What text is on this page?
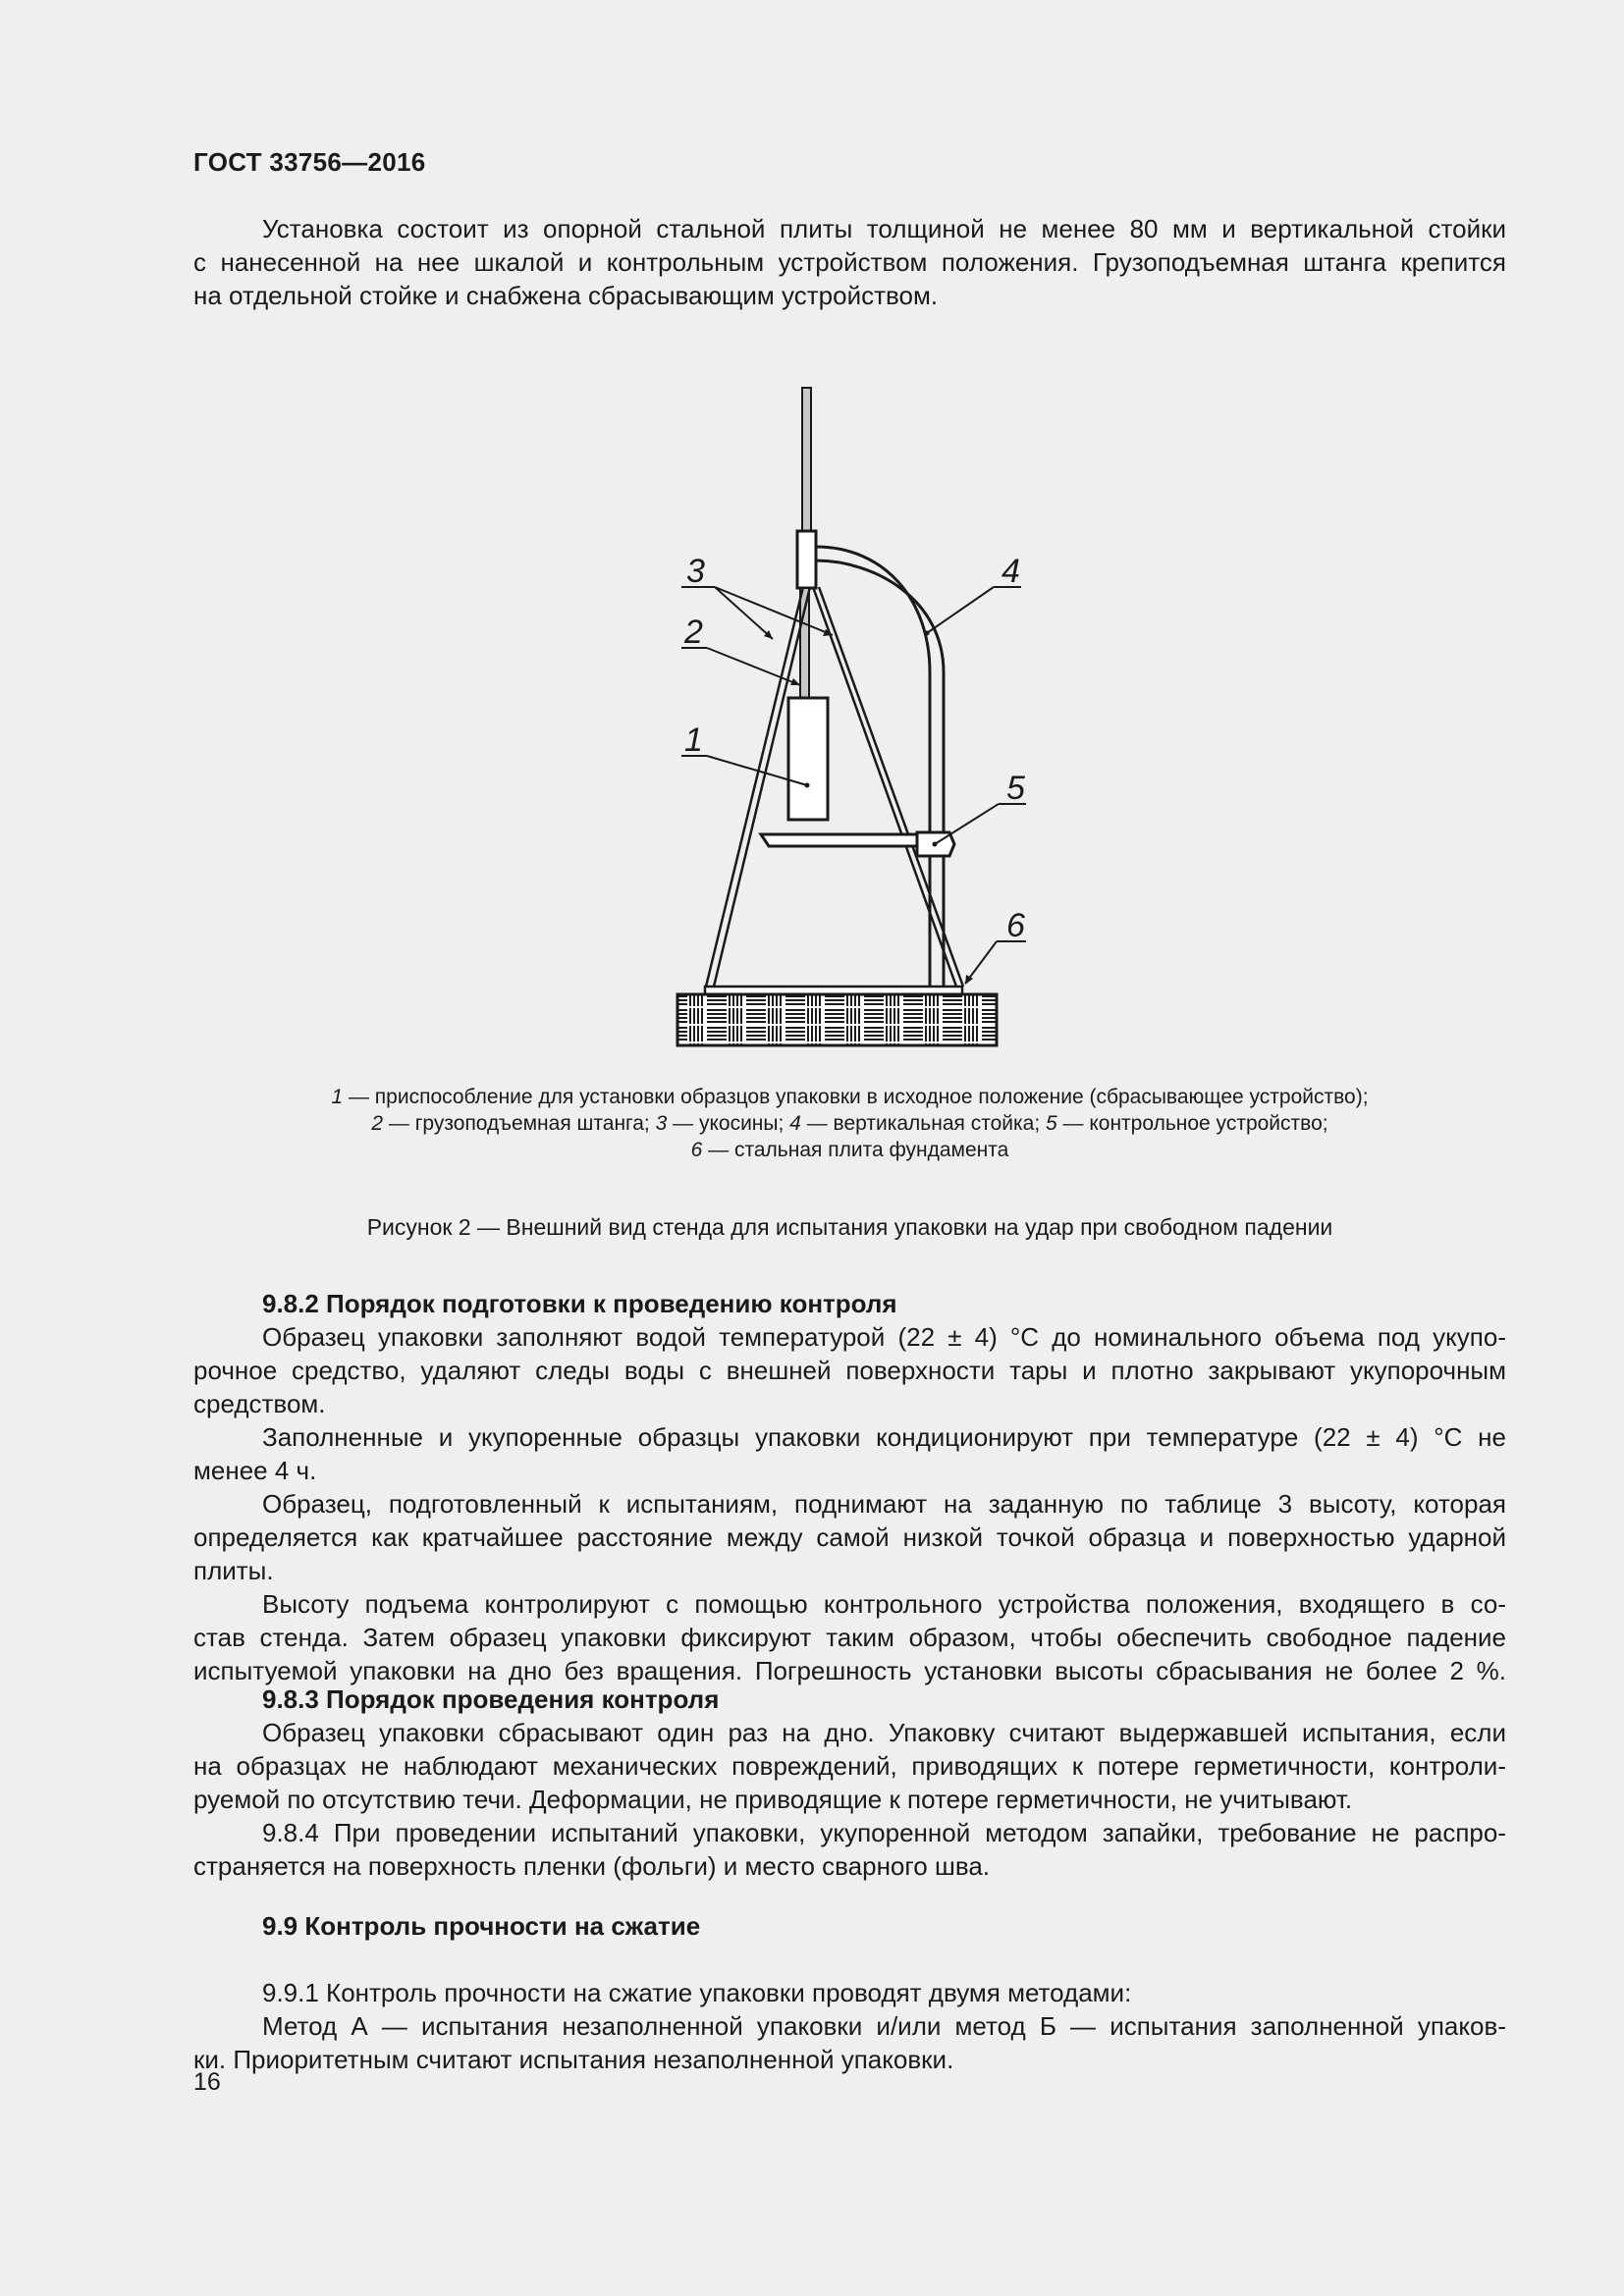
ГОСТ 33756—2016
Установка состоит из опорной стальной плиты толщиной не менее 80 мм и вертикальной стойки
с нанесенной на нее шкалой и контрольным устройством положения. Грузоподъемная штанга крепится
на отдельной стойке и снабжена сбрасывающим устройством.
3
2
1
4
5
6
1 — приспособление для установки образцов упаковки в исходное положение (сбрасывающее устройство);
2 — грузоподъемная штанга; 3 — укосины; 4 — вертикальная стойка; 5 — контрольное устройство;
6 — стальная плита фундамента
Рисунок 2 — Внешний вид стенда для испытания упаковки на удар при свободном падении
9.8.2 Порядок подготовки к проведению контроля
Образец упаковки заполняют водой температурой (22 ± 4) °С до номинального объема под укупо-
рочное средство, удаляют следы воды с внешней поверхности тары и плотно закрывают укупорочным
средством.
Заполненные и укупоренные образцы упаковки кондиционируют при температуре (22 ± 4) °С не
менее 4 ч.
Образец, подготовленный к испытаниям, поднимают на заданную по таблице 3 высоту, которая
определяется как кратчайшее расстояние между самой низкой точкой образца и поверхностью ударной
плиты.
Высоту подъема контролируют с помощью контрольного устройства положения, входящего в со-
став стенда. Затем образец упаковки фиксируют таким образом, чтобы обеспечить свободное падение
испытуемой упаковки на дно без вращения. Погрешность установки высоты сбрасывания не более 2 %.
9.8.3 Порядок проведения контроля
Образец упаковки сбрасывают один раз на дно. Упаковку считают выдержавшей испытания, если
на образцах не наблюдают механических повреждений, приводящих к потере герметичности, контроли-
руемой по отсутствию течи. Деформации, не приводящие к потере герметичности, не учитывают.
9.8.4 При проведении испытаний упаковки, укупоренной методом запайки, требование не распро-
страняется на поверхность пленки (фольги) и место сварного шва.
9.9 Контроль прочности на сжатие
9.9.1 Контроль прочности на сжатие упаковки проводят двумя методами:
Метод А — испытания незаполненной упаковки и/или метод Б — испытания заполненной упаков-
ки. Приоритетным считают испытания незаполненной упаковки.
16
